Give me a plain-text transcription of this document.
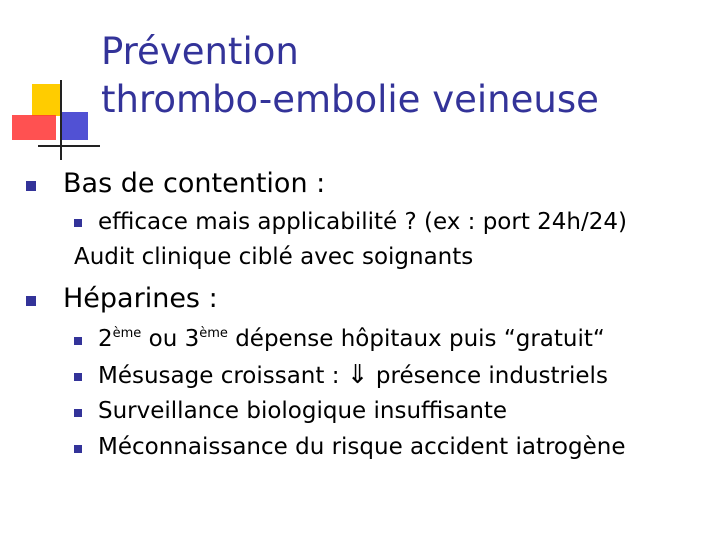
Prévention
thrombo-embolie veineuse
Bas de contention :
efficace mais applicabilité ? (ex : port 24h/24)
Audit clinique ciblé avec soignants
Héparines :
2ème ou 3ème dépense hôpitaux puis “gratuit“
Mésusage croissant : ⇓ présence industriels
Surveillance biologique insuffisante
Méconnaissance du risque accident iatrogène
